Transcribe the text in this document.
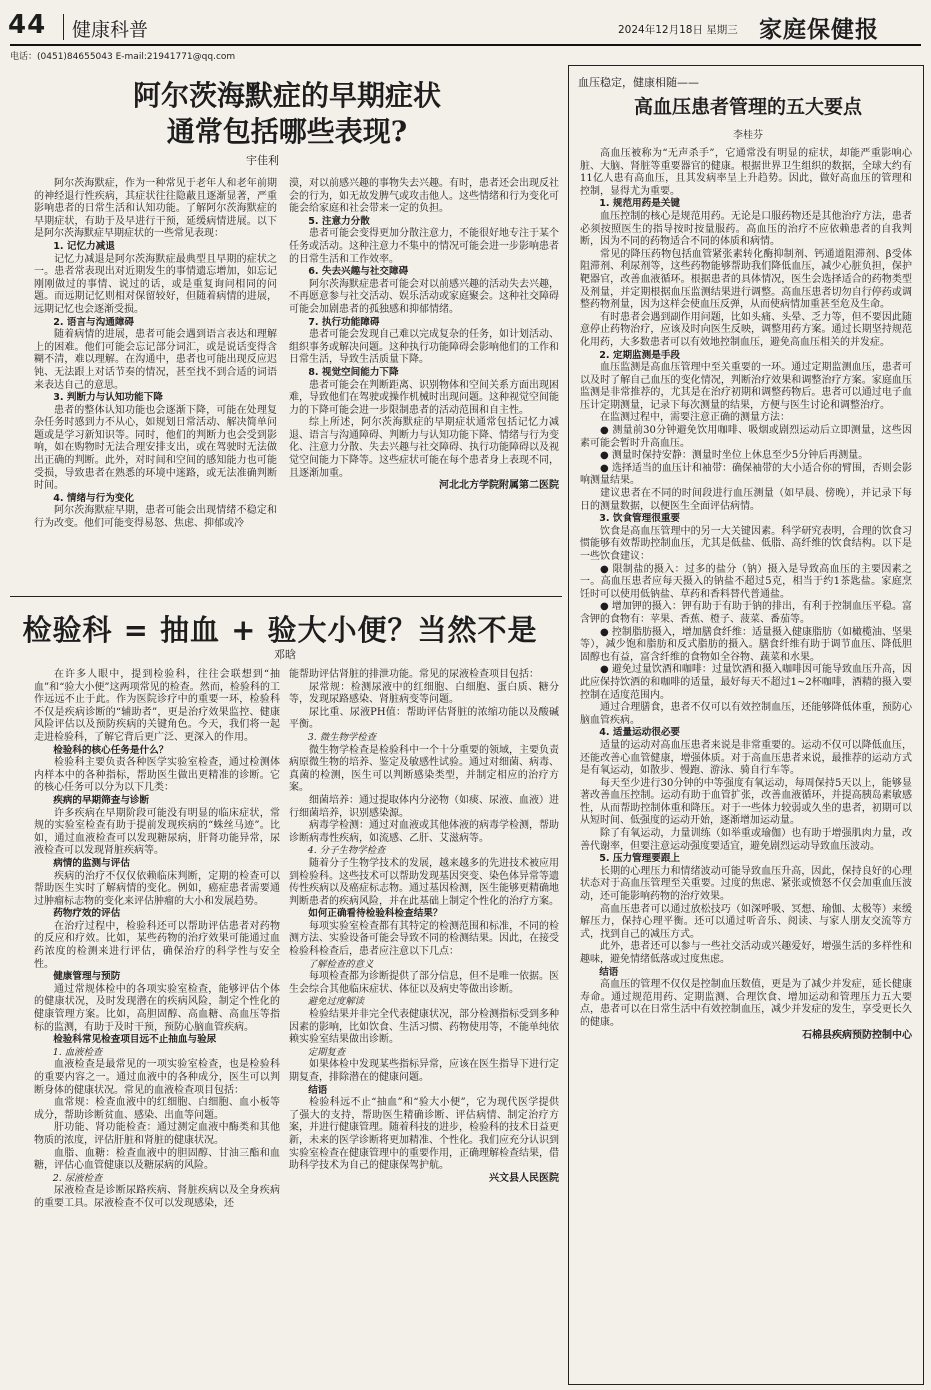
44 健康科普	2024年12月18日 星期三 家庭保健报
电话：(0451)84655043 E-mail:21941771@qq.com
阿尔茨海默症的早期症状
通常包括哪些表现?
宇佳利

阿尔茨海默症，作为一种常见于老年人和老年前期的神经退行性疾病，其症状往往隐蔽且逐渐显著，严重影响患者的日常生活和认知功能。了解阿尔茨海默症的早期症状，有助于及早进行干预，延缓病情进展。以下是阿尔茨海默症早期症状的一些常见表现：

1. 记忆力减退

记忆力减退是阿尔茨海默症最典型且早期的症状之一。患者常表现出对近期发生的事情遗忘增加，如忘记刚刚做过的事情、说过的话，或是重复询问相同的问题。而远期记忆则相对保留较好，但随着病情的进展，远期记忆也会逐渐受损。

2. 语言与沟通障碍

随着病情的进展，患者可能会遇到语言表达和理解上的困难。他们可能会忘记部分词汇，或是说话变得含糊不清，难以理解。在沟通中，患者也可能出现反应迟钝、无法跟上对话节奏的情况，甚至找不到合适的词语来表达自己的意思。

3. 判断力与认知功能下降

患者的整体认知功能也会逐渐下降，可能在处理复杂任务时感到力不从心，如规划日常活动、解决简单问题或是学习新知识等。同时，他们的判断力也会受到影响，如在购物时无法合理安排支出，或在驾驶时无法做出正确的判断。此外，对时间和空间的感知能力也可能受损，导致患者在熟悉的环境中迷路，或无法准确判断时间。

4. 情绪与行为变化

阿尔茨海默症早期，患者可能会出现情绪不稳定和行为改变。他们可能变得易怒、焦虑、抑郁或冷

漠，对以前感兴趣的事物失去兴趣。有时，患者还会出现反社会的行为，如无故发脾气或攻击他人。这些情绪和行为变化可能会给家庭和社会带来一定的负担。

5. 注意力分散

患者可能会变得更加分散注意力，不能很好地专注于某个任务或活动。这种注意力不集中的情况可能会进一步影响患者的日常生活和工作效率。

6. 失去兴趣与社交障碍

阿尔茨海默症患者可能会对以前感兴趣的活动失去兴趣，不再愿意参与社交活动、娱乐活动或家庭聚会。这种社交障碍可能会加剧患者的孤独感和抑郁情绪。

7. 执行功能障碍

患者可能会发现自己难以完成复杂的任务，如计划活动、组织事务或解决问题。这种执行功能障碍会影响他们的工作和日常生活，导致生活质量下降。

8. 视觉空间能力下降

患者可能会在判断距离、识别物体和空间关系方面出现困难，导致他们在驾驶或操作机械时出现问题。这种视觉空间能力的下降可能会进一步限制患者的活动范围和自主性。

综上所述，阿尔茨海默症的早期症状通常包括记忆力减退、语言与沟通障碍、判断力与认知功能下降、情绪与行为变化、注意力分散、失去兴趣与社交障碍、执行功能障碍以及视觉空间能力下降等。这些症状可能在每个患者身上表现不同，且逐渐加重。

河北北方学院附属第二医院

检验科 = 抽血 + 验大小便？当然不是
邓晗

在许多人眼中，提到检验科，往往会联想到“抽血”和“验大小便”这两项常见的检查。然而，检验科的工作远远不止于此。作为医院诊疗中的重要一环，检验科不仅是疾病诊断的“辅助者”，更是治疗效果监控、健康风险评估以及预防疾病的关键角色。今天，我们将一起走进检验科，了解它背后更广泛、更深入的作用。

检验科的核心任务是什么？

检验科主要负责各种医学实验室检查，通过检测体内样本中的各种指标，帮助医生做出更精准的诊断。它的核心任务可以分为以下几类：

疾病的早期筛查与诊断

许多疾病在早期阶段可能没有明显的临床症状，常规的实验室检查有助于提前发现疾病的“蛛丝马迹”。比如，通过血液检查可以发现糖尿病，肝肾功能异常，尿液检查可以发现肾脏疾病等。

病情的监测与评估

疾病的治疗不仅仅依赖临床判断，定期的检查可以帮助医生实时了解病情的变化。例如，癌症患者需要通过肿瘤标志物的变化来评估肿瘤的大小和发展趋势。

药物疗效的评估

在治疗过程中，检验科还可以帮助评估患者对药物的反应和疗效。比如，某些药物的治疗效果可能通过血药浓度的检测来进行评估，确保治疗的科学性与安全性。

健康管理与预防

通过常规体检中的各项实验室检查，能够评估个体的健康状况，及时发现潜在的疾病风险，制定个性化的健康管理方案。比如，高胆固醇、高血糖、高血压等指标的监测，有助于及时干预，预防心脑血管疾病。

检验科常见检查项目远不止抽血与验尿

1. 血液检查

血液检查是最常见的一项实验室检查，也是检验科的重要内容之一。通过血液中的各种成分，医生可以判断身体的健康状况。常见的血液检查项目包括：

血常规：检查血液中的红细胞、白细胞、血小板等成分，帮助诊断贫血、感染、出血等问题。

肝功能、肾功能检查：通过测定血液中酶类和其他物质的浓度，评估肝脏和肾脏的健康状况。

血脂、血糖：检查血液中的胆固醇、甘油三酯和血糖，评估心血管健康以及糖尿病的风险。

2. 尿液检查

尿液检查是诊断尿路疾病、肾脏疾病以及全身疾病的重要工具。尿液检查不仅可以发现感染，还

能帮助评估肾脏的排泄功能。常见的尿液检查项目包括：

尿常规：检测尿液中的红细胞、白细胞、蛋白质、糖分等，发现尿路感染、肾脏病变等问题。

尿比重、尿液PH值：帮助评估肾脏的浓缩功能以及酸碱平衡。

3. 微生物学检查

微生物学检查是检验科中一个十分重要的领域，主要负责病原微生物的培养、鉴定及敏感性试验。通过对细菌、病毒、真菌的检测，医生可以判断感染类型，并制定相应的治疗方案。

细菌培养：通过提取体内分泌物（如痰、尿液、血液）进行细菌培养，识别感染源。

病毒学检测：通过对血液或其他体液的病毒学检测，帮助诊断病毒性疾病，如流感、乙肝、艾滋病等。

4. 分子生物学检查

随着分子生物学技术的发展，越来越多的先进技术被应用到检验科。这些技术可以帮助发现基因突变、染色体异常等遗传性疾病以及癌症标志物。通过基因检测，医生能够更精确地判断患者的疾病风险，并在此基础上制定个性化的治疗方案。

如何正确看待检验科检查结果？

每项实验室检查都有其特定的检测范围和标准，不同的检测方法、实验设备可能会导致不同的检测结果。因此，在接受检验科检查后，患者应注意以下几点：

了解检查的意义

每项检查都为诊断提供了部分信息，但不是唯一依据。医生会综合其他临床症状、体征以及病史等做出诊断。

避免过度解读

检验结果并非完全代表健康状况，部分检测指标受到多种因素的影响，比如饮食、生活习惯、药物使用等，不能单纯依赖实验室结果做出诊断。

定期复查

如果体检中发现某些指标异常，应该在医生指导下进行定期复查，排除潜在的健康问题。

结语

检验科远不止“抽血”和“验大小便”，它为现代医学提供了强大的支持，帮助医生精确诊断、评估病情、制定治疗方案，并进行健康管理。随着科技的进步，检验科的技术日益更新，未来的医学诊断将更加精准、个性化。我们应充分认识到实验室检查在健康管理中的重要作用，正确理解检查结果，借助科学技术为自己的健康保驾护航。

兴文县人民医院

血压稳定，健康相随——
高血压患者管理的五大要点
李桂芬

高血压被称为“无声杀手”，它通常没有明显的症状，却能严重影响心脏、大脑、肾脏等重要器官的健康。根据世界卫生组织的数据，全球大约有11亿人患有高血压，且其发病率呈上升趋势。因此，做好高血压的管理和控制，显得尤为重要。

1. 规范用药是关键

血压控制的核心是规范用药。无论是口服药物还是其他治疗方法，患者必须按照医生的指导按时按量服药。高血压的治疗不应依赖患者的自我判断，因为不同的药物适合不同的体质和病情。

常见的降压药物包括血管紧张素转化酶抑制剂、钙通道阻滞剂、β受体阻滞剂、利尿剂等，这些药物能够帮助我们降低血压，减少心脏负担，保护靶器官，改善血液循环。根据患者的具体情况，医生会选择适合的药物类型及剂量，并定期根据血压监测结果进行调整。高血压患者切勿自行停药或调整药物剂量，因为这样会使血压反弹，从而使病情加重甚至危及生命。

有时患者会遇到副作用问题，比如头痛、头晕、乏力等，但不要因此随意停止药物治疗，应该及时向医生反映，调整用药方案。通过长期坚持规范化用药，大多数患者可以有效地控制血压，避免高血压相关的并发症。

2. 定期监测是手段

血压监测是高血压管理中至关重要的一环。通过定期监测血压，患者可以及时了解自己血压的变化情况，判断治疗效果和调整治疗方案。家庭血压监测是非常推荐的，尤其是在治疗初期和调整药物后。患者可以通过电子血压计定期测量，记录下每次测量的结果，方便与医生讨论和调整治疗。

在监测过程中，需要注意正确的测量方法：

● 测量前30分钟避免饮用咖啡、吸烟或剧烈运动后立即测量，这些因素可能会暂时升高血压。

● 测量时保持安静：测量时坐位上休息至少5分钟后再测量。

● 选择适当的血压计和袖带：确保袖带的大小适合你的臂围，否则会影响测量结果。

建议患者在不同的时间段进行血压测量（如早晨、傍晚），并记录下每日的测量数据，以便医生全面评估病情。

3. 饮食管理很重要

饮食是高血压管理中的另一大关键因素。科学研究表明，合理的饮食习惯能够有效帮助控制血压，尤其是低盐、低脂、高纤维的饮食结构。以下是一些饮食建议：

● 限制盐的摄入：过多的盐分（钠）摄入是导致高血压的主要因素之一。高血压患者应每天摄入的钠盐不超过5克，相当于约1茶匙盐。家庭烹饪时可以使用低钠盐、草药和香料替代普通盐。

● 增加钾的摄入：钾有助于有助于钠的排出，有利于控制血压平稳。富含钾的食物有：苹果、香蕉、橙子、菠菜、番茄等。

● 控制脂肪摄入，增加膳食纤维：适量摄入健康脂肪（如橄榄油、坚果等），减少饱和脂肪和反式脂肪的摄入。膳食纤维有助于调节血压、降低胆固醇也有益，富含纤维的食物如全谷物、蔬菜和水果。

● 避免过量饮酒和咖啡：过量饮酒和摄入咖啡因可能导致血压升高，因此应保持饮酒的和咖啡的适量，最好每天不超过1~2杯咖啡，酒精的摄入要控制在适度范围内。

通过合理膳食，患者不仅可以有效控制血压，还能够降低体重，预防心脑血管疾病。

4. 适量运动很必要

适量的运动对高血压患者来说是非常重要的。运动不仅可以降低血压，还能改善心血管健康，增强体质。对于高血压患者来说，最推荐的运动方式是有氧运动，如散步、慢跑、游泳、骑自行车等。

每天至少进行30分钟的中等强度有氧运动，每周保持5天以上，能够显著改善血压控制。运动有助于血管扩张，改善血液循环，并提高胰岛素敏感性，从而帮助控制体重和降压。对于一些体力较弱或久坐的患者，初期可以从短时间、低强度的运动开始，逐渐增加运动量。

除了有氧运动，力量训练（如举重或瑜伽）也有助于增强肌肉力量，改善代谢率，但要注意运动强度要适宜，避免剧烈运动导致血压波动。

5. 压力管理要跟上

长期的心理压力和情绪波动可能导致血压升高，因此，保持良好的心理状态对于高血压管理至关重要。过度的焦虑、紧张或愤怒不仅会加重血压波动，还可能影响药物的治疗效果。

高血压患者可以通过放松技巧（如深呼吸、冥想、瑜伽、太极等）来缓解压力，保持心理平衡。还可以通过听音乐、阅读、与家人朋友交流等方式，找到自己的减压方式。

此外，患者还可以参与一些社交活动或兴趣爱好，增强生活的多样性和趣味，避免情绪低落或过度焦虑。

结语

高血压的管理不仅仅是控制血压数值，更是为了减少并发症，延长健康寿命。通过规范用药、定期监测、合理饮食、增加运动和管理压力五大要点，患者可以在日常生活中有效控制血压，减少并发症的发生，享受更长久的健康。

石棉县疾病预防控制中心
